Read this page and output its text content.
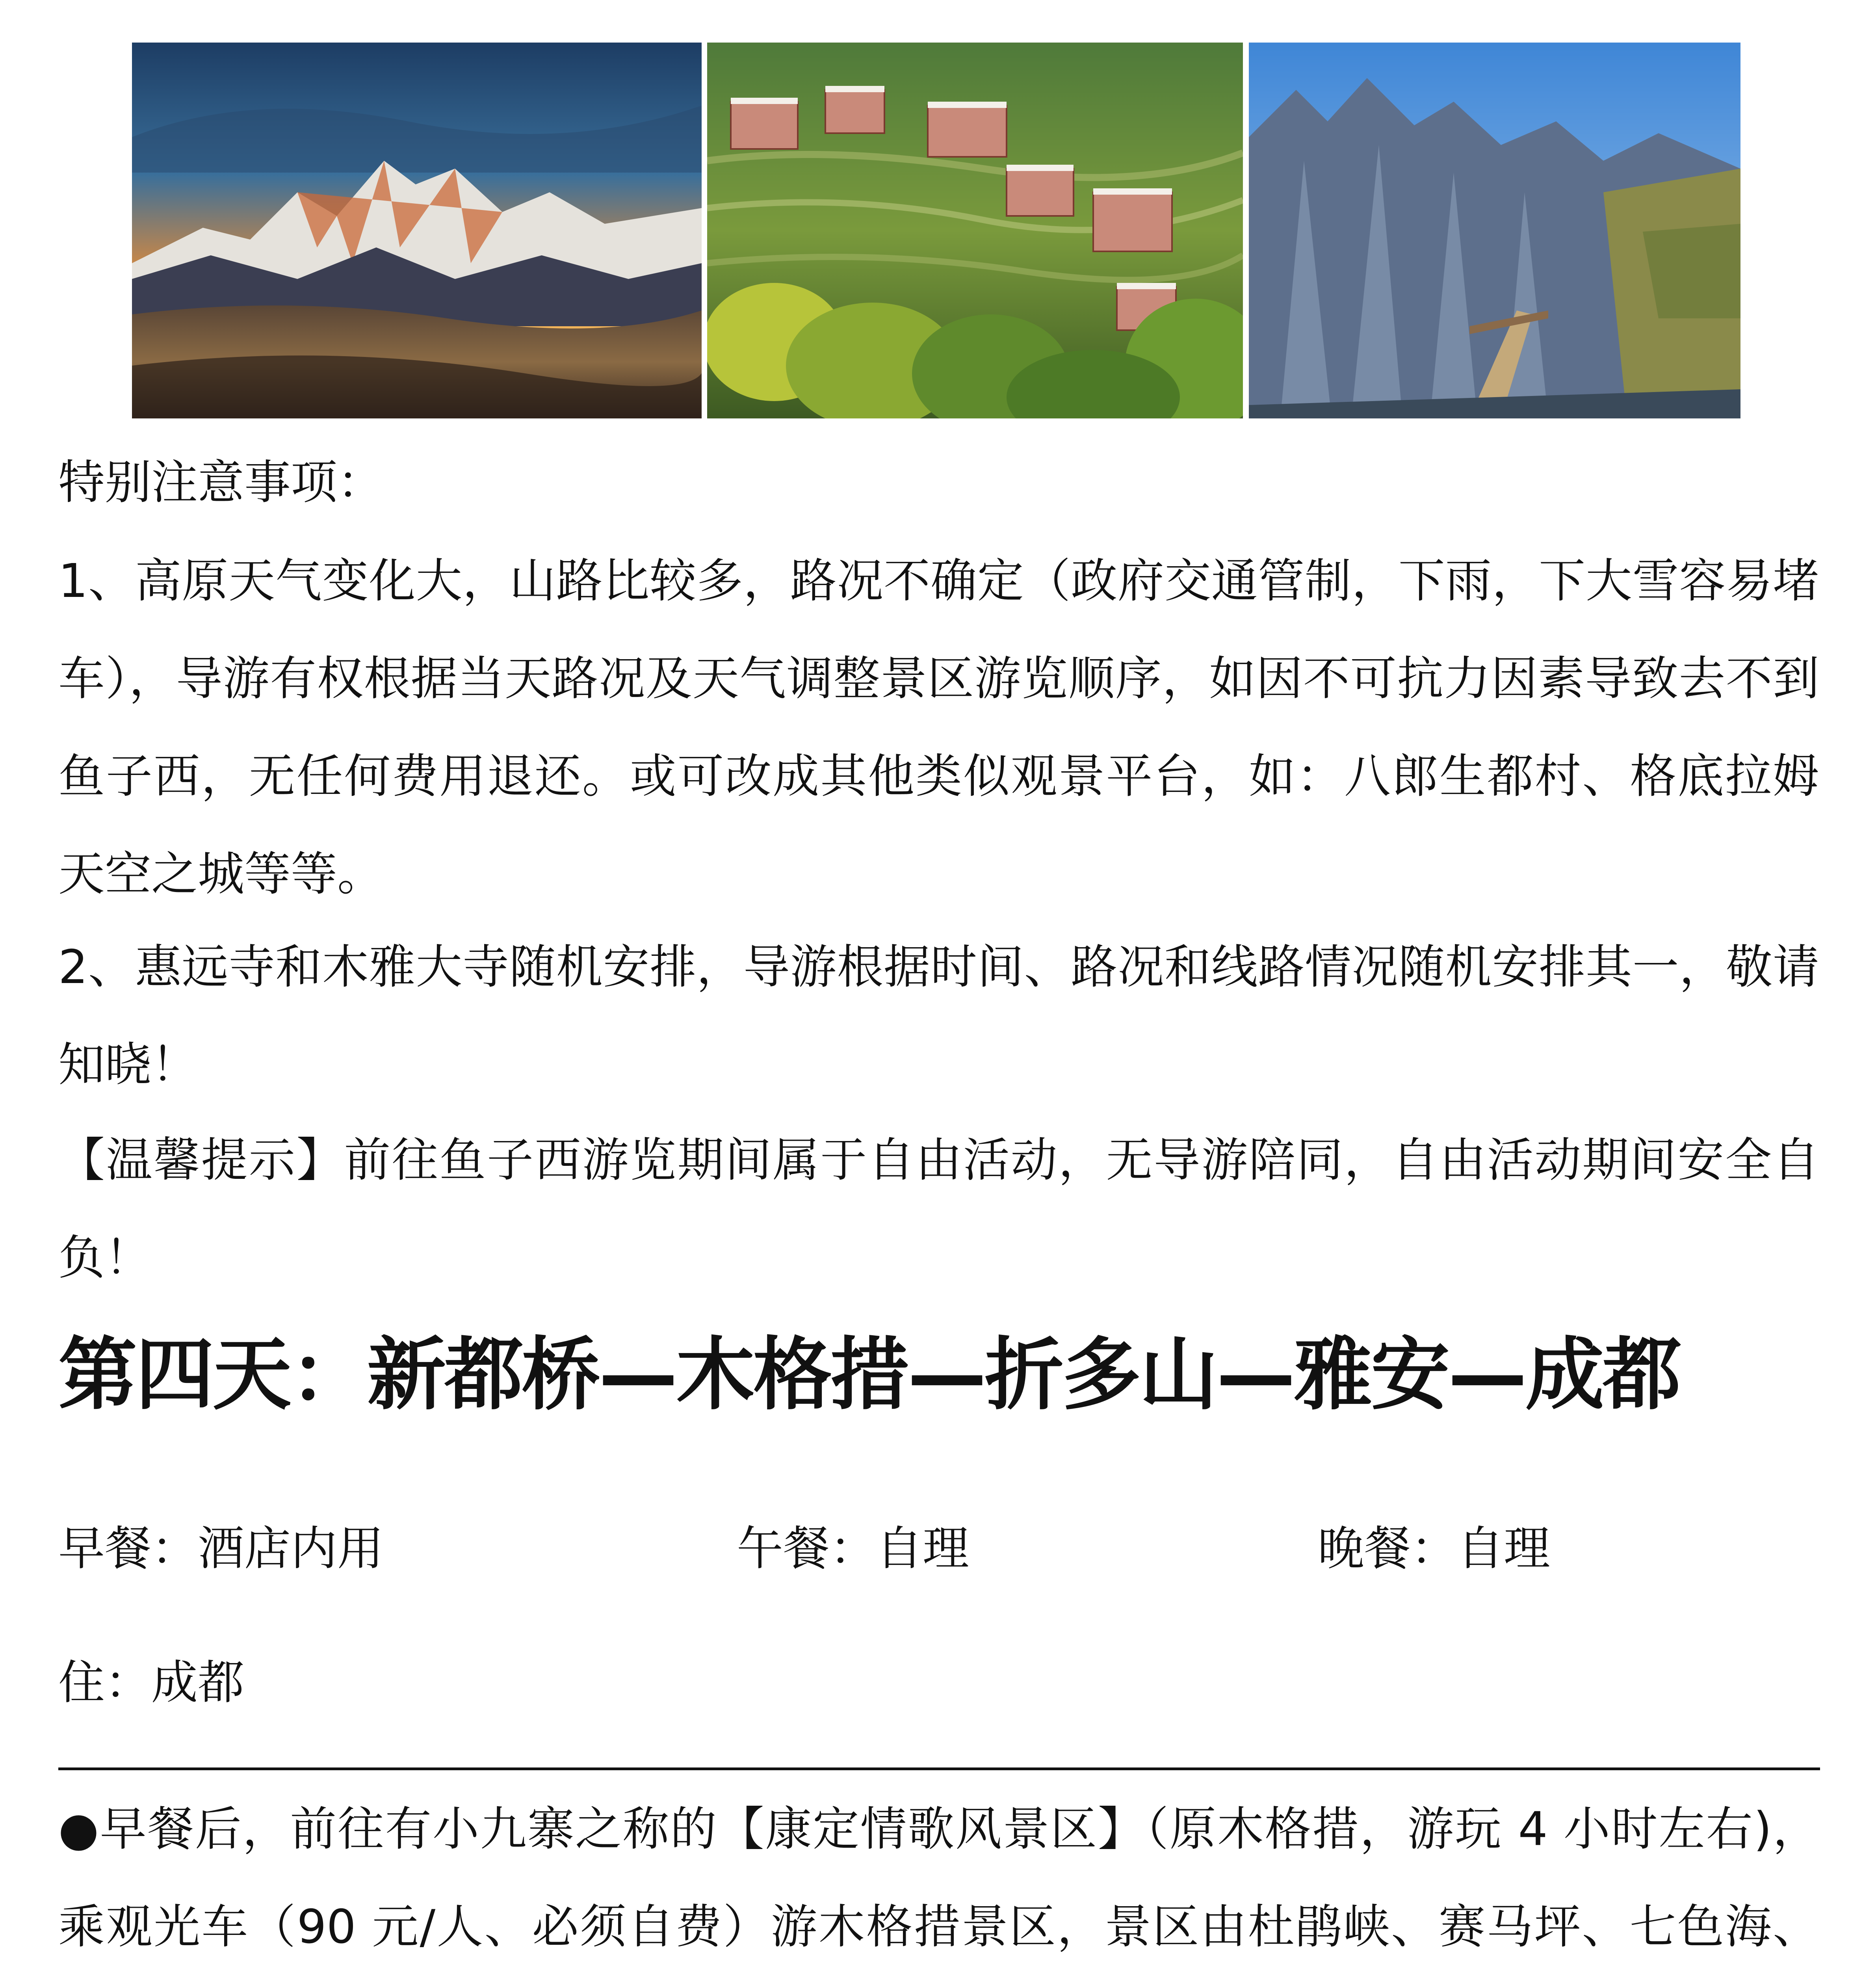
特别注意事项：

1、高原天气变化大，山路比较多，路况不确定（政府交通管制，下雨，下大雪容易堵车），导游有权根据当天路况及天气调整景区游览顺序，如因不可抗力因素导致去不到鱼子西，无任何费用退还。或可改成其他类似观景平台，如：八郎生都村、格底拉姆天空之城等等。

2、惠远寺和木雅大寺随机安排，导游根据时间、路况和线路情况随机安排其一，敬请知晓！

【温馨提示】前往鱼子西游览期间属于自由活动，无导游陪同，自由活动期间安全自负！

第四天：新都桥—木格措—折多山—雅安—成都
早餐：酒店内用	午餐：自理	晚餐：自理
住：成都

●早餐后，前往有小九寨之称的【康定情歌风景区】（原木格措，游玩 4 小时左右)，乘观光车（90 元/人、必须自费）游木格措景区，景区由杜鹃峡、赛马坪、七色海、
